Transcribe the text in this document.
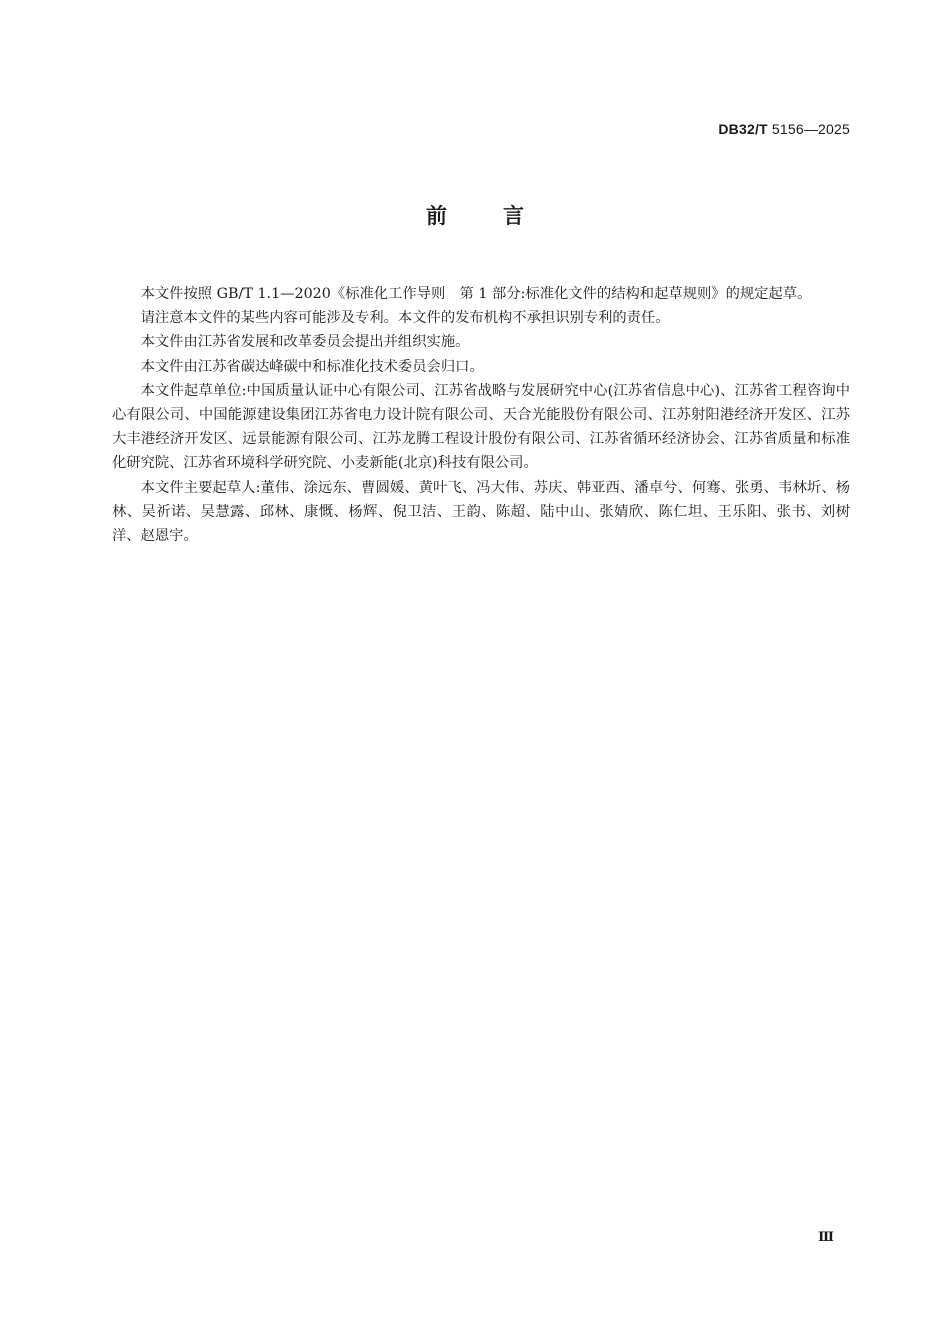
DB32/T 5156—2025
前言

本文件按照 GB/T 1.1—2020《标准化工作导则　第 1 部分:标准化文件的结构和起草规则》的规定起草。

请注意本文件的某些内容可能涉及专利。本文件的发布机构不承担识别专利的责任。

本文件由江苏省发展和改革委员会提出并组织实施。

本文件由江苏省碳达峰碳中和标准化技术委员会归口。

本文件起草单位:中国质量认证中心有限公司、江苏省战略与发展研究中心(江苏省信息中心)、江苏省工程咨询中心有限公司、中国能源建设集团江苏省电力设计院有限公司、天合光能股份有限公司、江苏射阳港经济开发区、江苏大丰港经济开发区、远景能源有限公司、江苏龙腾工程设计股份有限公司、江苏省循环经济协会、江苏省质量和标准化研究院、江苏省环境科学研究院、小麦新能(北京)科技有限公司。

本文件主要起草人:董伟、涂远东、曹圆媛、黄叶飞、冯大伟、苏庆、韩亚西、潘卓兮、何骞、张勇、韦林圻、杨林、吴祈诺、吴慧露、邱林、康慨、杨辉、倪卫洁、王韵、陈超、陆中山、张婧欣、陈仁坦、王乐阳、张书、刘树洋、赵恩宇。

Ⅲ
